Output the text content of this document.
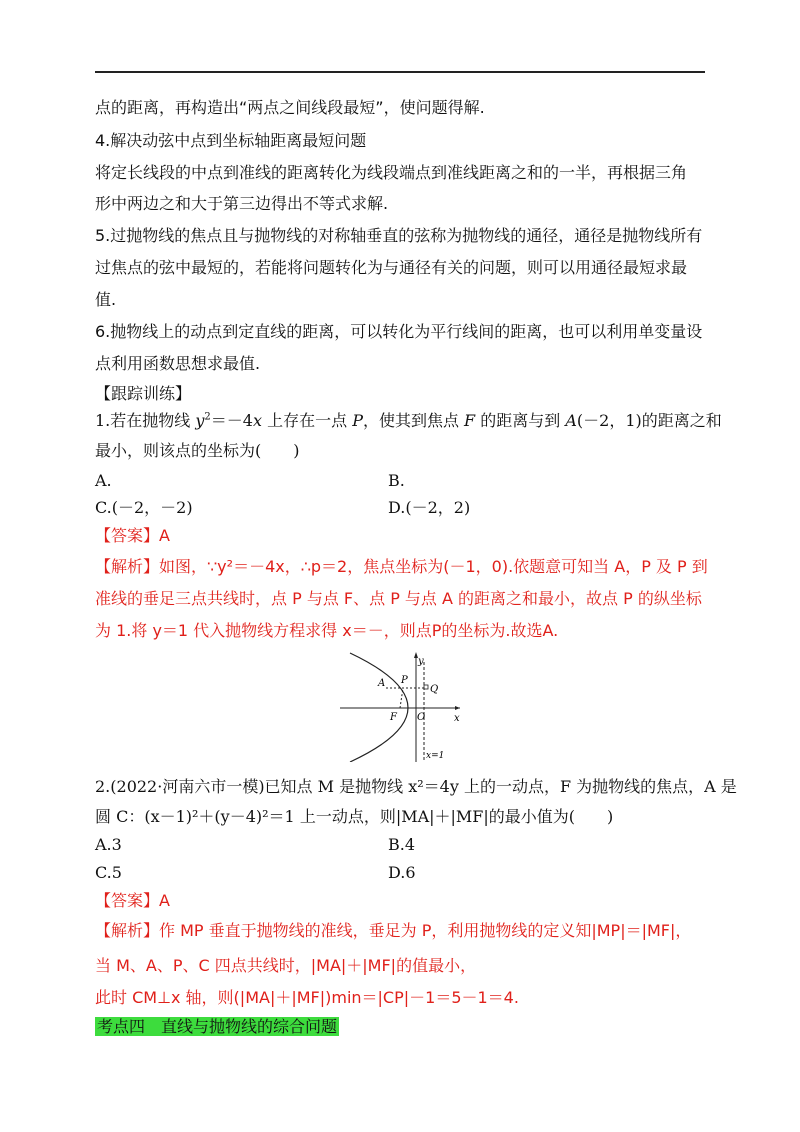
点的距离，再构造出“两点之间线段最短”，使问题得解.
4.解决动弦中点到坐标轴距离最短问题
将定长线段的中点到准线的距离转化为线段端点到准线距离之和的一半，再根据三角
形中两边之和大于第三边得出不等式求解.
5.过抛物线的焦点且与抛物线的对称轴垂直的弦称为抛物线的通径，通径是抛物线所有
过焦点的弦中最短的，若能将问题转化为与通径有关的问题，则可以用通径最短求最
值.
6.抛物线上的动点到定直线的距离，可以转化为平行线间的距离，也可以利用单变量设
点利用函数思想求最值.
【跟踪训练】
1.若在抛物线 $y^2=-4x$ 上存在一点 P，使其到焦点 F 的距离与到 A(－2，1)的距离之和
最小，则该点的坐标为(　　)
A.	B.
C.(－2，－2)	D.(－2，2)
【答案】A
【解析】如图，∵y²＝－4x，∴p＝2，焦点坐标为(－1，0).依题意可知当 A，P 及 P 到
准线的垂足三点共线时，点 P 与点 F、点 P 与点 A 的距离之和最小，故点 P 的纵坐标
为 1.将 y＝1 代入抛物线方程求得 x＝－，则点P的坐标为.故选A.
y
x
A P
Q
F O
x=1
2.(2022·河南六市一模)已知点 M 是抛物线 x²＝4y 上的一动点，F 为抛物线的焦点，A 是
圆 C：(x－1)²＋(y－4)²＝1 上一动点，则|MA|＋|MF|的最小值为(　　)
A.3	B.4
C.5	D.6
【答案】A
【解析】作 MP 垂直于抛物线的准线，垂足为 P，利用抛物线的定义知|MP|＝|MF|，
当 M、A、P、C 四点共线时，|MA|＋|MF|的值最小，
此时 CM⊥x 轴，则(|MA|＋|MF|)min＝|CP|－1＝5－1＝4.
考点四　直线与抛物线的综合问题
